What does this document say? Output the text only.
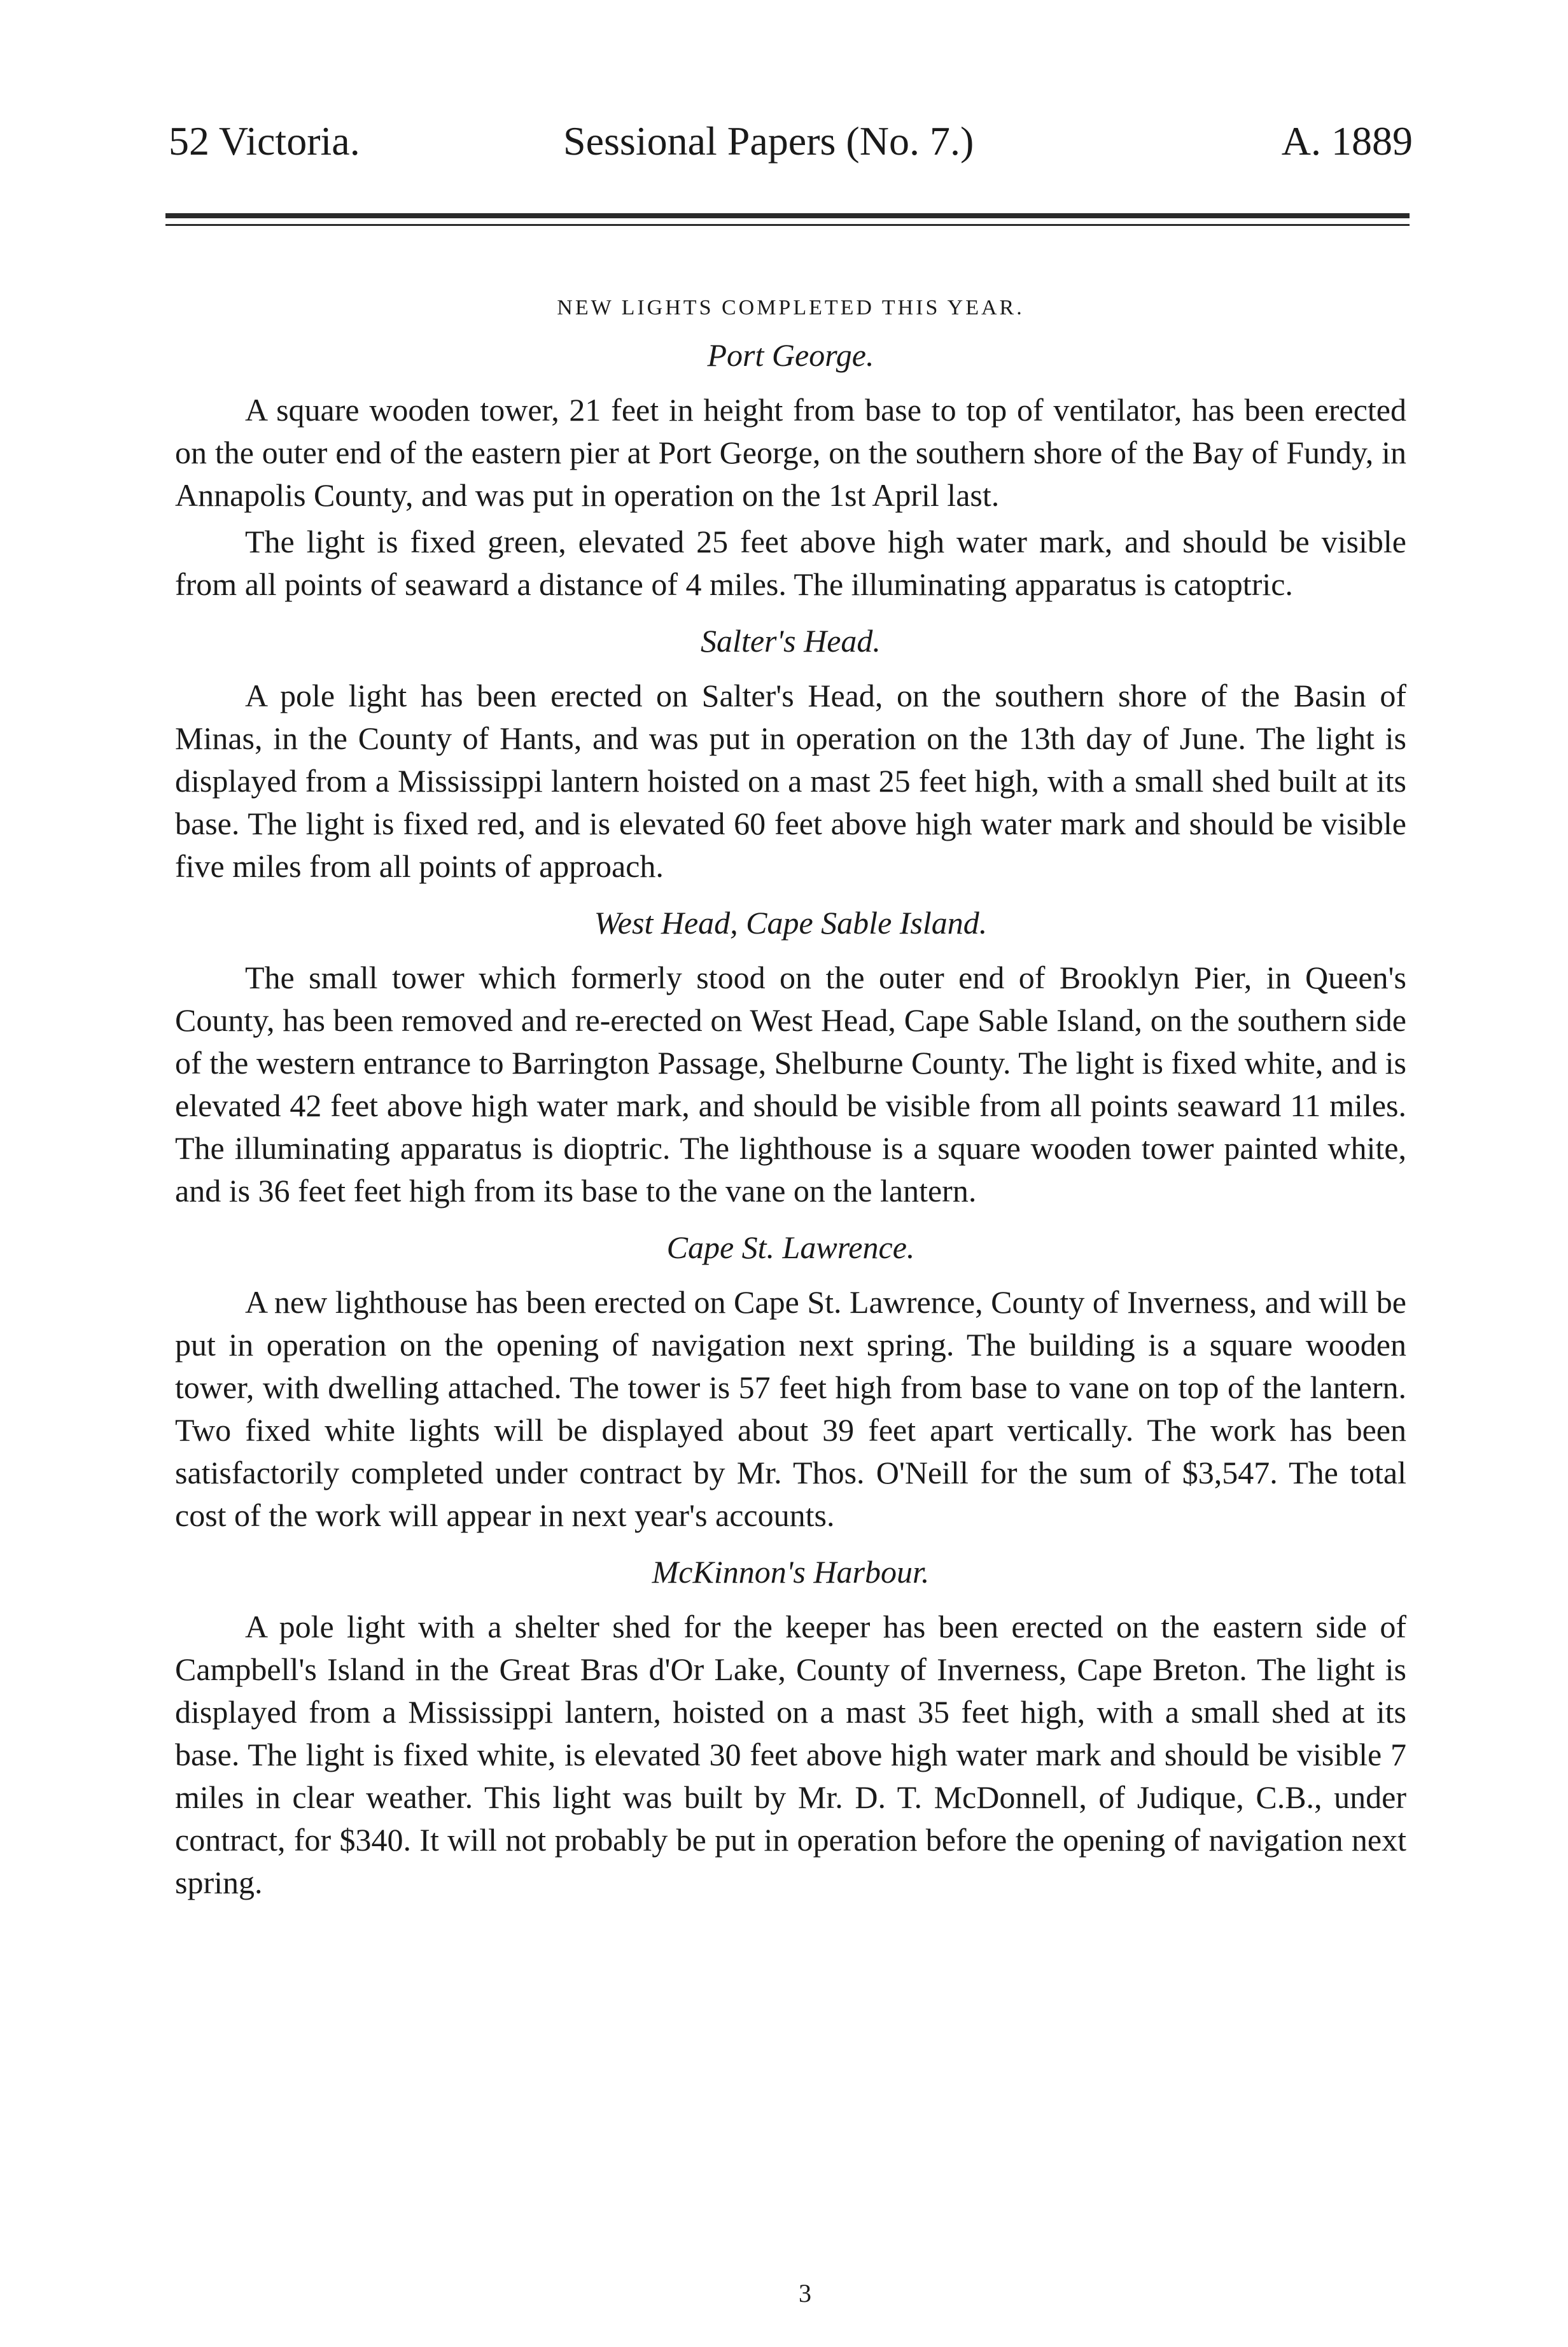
52 Victoria.	Sessional Papers (No. 7.)	A. 1889
NEW LIGHTS COMPLETED THIS YEAR.
Port George.

A square wooden tower, 21 feet in height from base to top of ventilator, has been erected on the outer end of the eastern pier at Port George, on the southern shore of the Bay of Fundy, in Annapolis County, and was put in operation on the 1st April last.

The light is fixed green, elevated 25 feet above high water mark, and should be visible from all points of seaward a distance of 4 miles. The illuminating apparatus is catoptric.

Salter's Head.

A pole light has been erected on Salter's Head, on the southern shore of the Basin of Minas, in the County of Hants, and was put in operation on the 13th day of June. The light is displayed from a Mississippi lantern hoisted on a mast 25 feet high, with a small shed built at its base. The light is fixed red, and is elevated 60 feet above high water mark and should be visible five miles from all points of approach.

West Head, Cape Sable Island.

The small tower which formerly stood on the outer end of Brooklyn Pier, in Queen's County, has been removed and re-erected on West Head, Cape Sable Island, on the southern side of the western entrance to Barrington Passage, Shelburne County. The light is fixed white, and is elevated 42 feet above high water mark, and should be visible from all points seaward 11 miles. The illuminating apparatus is dioptric. The lighthouse is a square wooden tower painted white, and is 36 feet feet high from its base to the vane on the lantern.

Cape St. Lawrence.

A new lighthouse has been erected on Cape St. Lawrence, County of Inverness, and will be put in operation on the opening of navigation next spring. The building is a square wooden tower, with dwelling attached. The tower is 57 feet high from base to vane on top of the lantern. Two fixed white lights will be displayed about 39 feet apart vertically. The work has been satisfactorily completed under contract by Mr. Thos. O'Neill for the sum of $3,547. The total cost of the work will appear in next year's accounts.

McKinnon's Harbour.

A pole light with a shelter shed for the keeper has been erected on the eastern side of Campbell's Island in the Great Bras d'Or Lake, County of Inverness, Cape Breton. The light is displayed from a Mississippi lantern, hoisted on a mast 35 feet high, with a small shed at its base. The light is fixed white, is elevated 30 feet above high water mark and should be visible 7 miles in clear weather. This light was built by Mr. D. T. McDonnell, of Judique, C.B., under contract, for $340. It will not probably be put in operation before the opening of navigation next spring.

3
